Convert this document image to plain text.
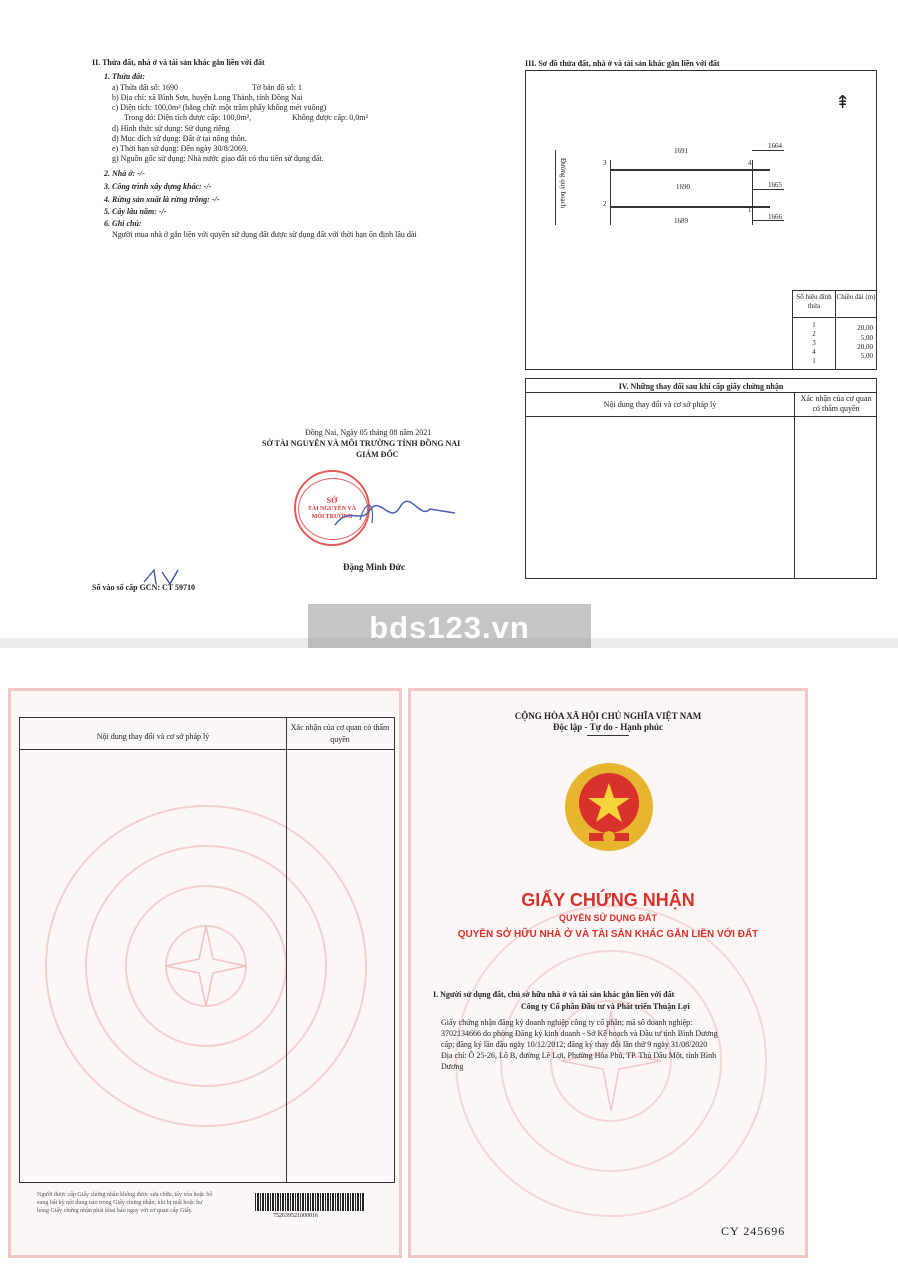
II. Thửa đất, nhà ở và tài sản khác gắn liền với đất
1. Thửa đất:
a) Thửa đất số: 1690	Tờ bản đồ số: 1
b) Địa chỉ: xã Bình Sơn, huyện Long Thành, tỉnh Đồng Nai
c) Diện tích: 100,0m² (bằng chữ: một trăm phẩy không mét vuông)
Trong đó: Diện tích được cấp: 100,0m²,	Không được cấp: 0,0m²
d) Hình thức sử dụng: Sử dụng riêng
đ) Mục đích sử dụng: Đất ở tại nông thôn.
e) Thời hạn sử dụng: Đến ngày 30/8/2069.
g) Nguồn gốc sử dụng: Nhà nước giao đất có thu tiền sử dụng đất.
2. Nhà ở: -/-
3. Công trình xây dựng khác: -/-
4. Rừng sản xuất là rừng trồng: -/-
5. Cây lâu năm: -/-
6. Ghi chú:
Người mua nhà ở gắn liền với quyền sử dụng đất được sử dụng đất với thời hạn ổn định lâu dài
Đồng Nai, Ngày 05 tháng 08 năm 2021
SỞ TÀI NGUYÊN VÀ MÔI TRƯỜNG TỈNH ĐỒNG NAI
GIÁM ĐỐC
SỞ
TÀI NGUYÊN VÀ
MÔI TRƯỜNG
Đặng Minh Đức
Số vào sổ cấp GCN: CT 59710
III. Sơ đồ thửa đất, nhà ở và tài sản khác gắn liền với đất
⇞
Đường quy hoạch
1691
1690
1689
1664
1665
1666
3	4
2
1
Số hiệu đỉnh thửa
Chiều dài (m)
1	20,00
2	5,00
3	20,00
4	5,00
1
IV. Những thay đổi sau khi cấp giấy chứng nhận
Nội dung thay đổi và cơ sở pháp lý
Xác nhận của cơ quan có thẩm quyền
bds123.vn
Nội dung thay đổi và cơ sở pháp lý
Xác nhận của cơ quan có thẩm quyền
Người được cấp Giấy chứng nhận không được sửa chữa, tẩy xóa hoặc bổ
sung bất kỳ nội dung nào trong Giấy chứng nhận; khi bị mất hoặc hư
hỏng Giấy chứng nhận phải khai báo ngay với cơ quan cấp Giấy.
752639521000016
CỘNG HÒA XÃ HỘI CHỦ NGHĨA VIỆT NAM
Độc lập - Tự do - Hạnh phúc
GIẤY CHỨNG NHẬN
QUYỀN SỬ DỤNG ĐẤT
QUYỀN SỞ HỮU NHÀ Ở VÀ TÀI SẢN KHÁC GẮN LIỀN VỚI ĐẤT
I. Người sử dụng đất, chủ sở hữu nhà ở và tài sản khác gắn liền với đất
Công ty Cổ phần Đầu tư và Phát triển Thuận Lợi
Giấy chứng nhận đăng ký doanh nghiệp công ty cổ phần; mã số doanh nghiệp:
3702134666 do phòng Đăng ký kinh doanh - Sở Kế hoạch và Đầu tư tỉnh Bình Dương
cấp; đăng ký lần đầu ngày 10/12/2012; đăng ký thay đổi lần thứ 9 ngày 31/08/2020
Địa chỉ: Ô 25-26, Lô B, đường Lê Lợi, Phường Hòa Phú, TP. Thủ Dầu Một, tỉnh Bình
Dương
CY 245696
